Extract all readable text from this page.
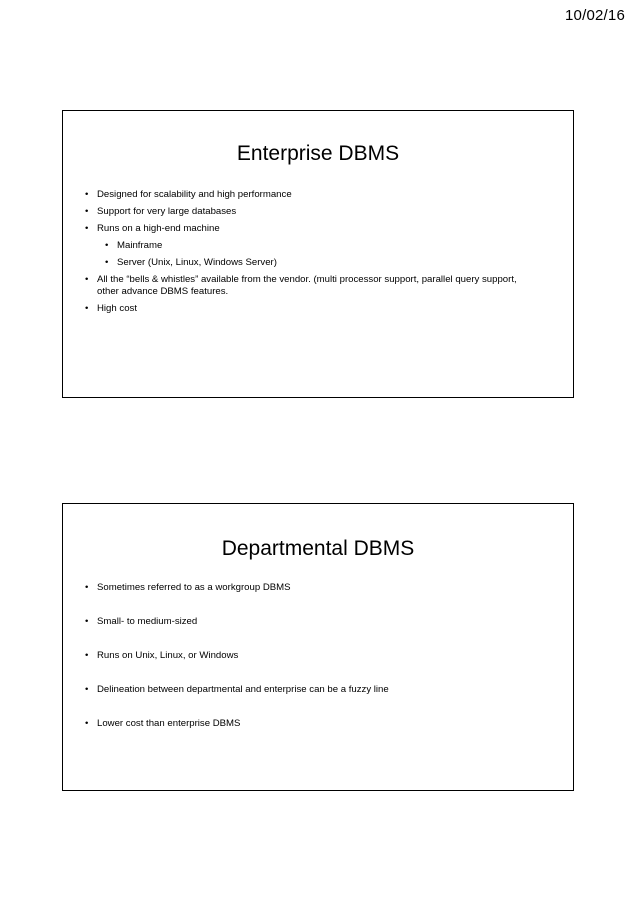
10/02/16
Enterprise DBMS
• Designed for scalability and high performance
• Support for very large databases
• Runs on a high-end machine
• Mainframe
• Server (Unix, Linux, Windows Server)
• All the “bells & whistles” available from the vendor. (multi processor support, parallel query support, other advance DBMS features.
• High cost
Departmental DBMS
• Sometimes referred to as a workgroup DBMS
• Small- to medium-sized
• Runs on Unix, Linux, or Windows
• Delineation between departmental and enterprise can be a fuzzy line
• Lower cost than enterprise DBMS
